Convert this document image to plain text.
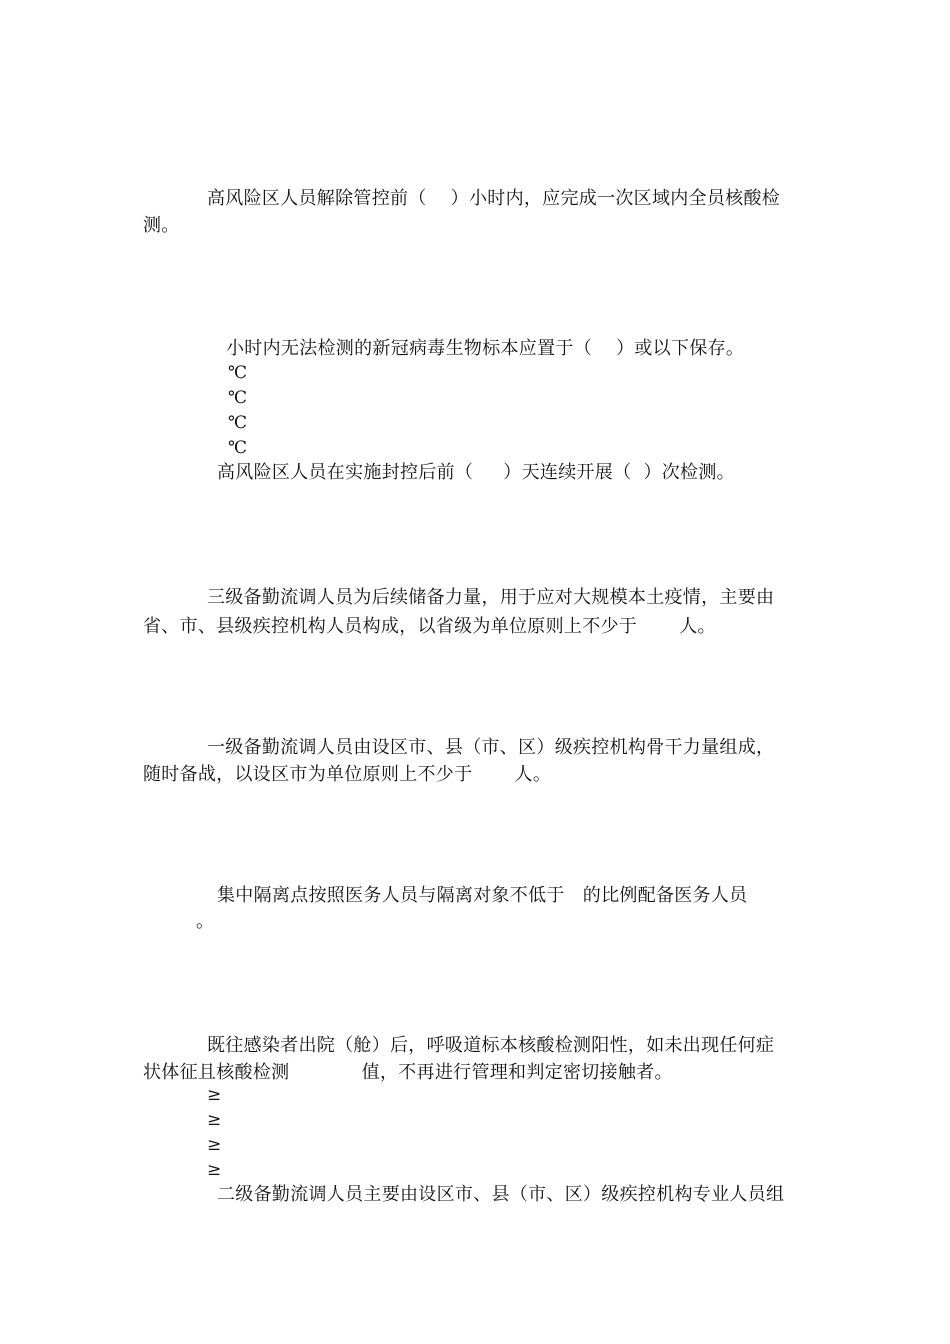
高风险区人员解除管控前（    ）小时内，应完成一次区域内全员核酸检
测。
小时内无法检测的新冠病毒生物标本应置于（    ）或以下保存。
℃
℃
℃
℃
高风险区人员在实施封控后前（     ）天连续开展（  ）次检测。
三级备勤流调人员为后续储备力量，用于应对大规模本土疫情，主要由
省、市、县级疾控机构人员构成，以省级为单位原则上不少于       人。
一级备勤流调人员由设区市、县（市、区）级疾控机构骨干力量组成，
随时备战，以设区市为单位原则上不少于       人。
集中隔离点按照医务人员与隔离对象不低于   的比例配备医务人员
。
既往感染者出院（舱）后，呼吸道标本核酸检测阳性，如未出现任何症
状体征且核酸检测            值，不再进行管理和判定密切接触者。
≥
≥
≥
≥
二级备勤流调人员主要由设区市、县（市、区）级疾控机构专业人员组
